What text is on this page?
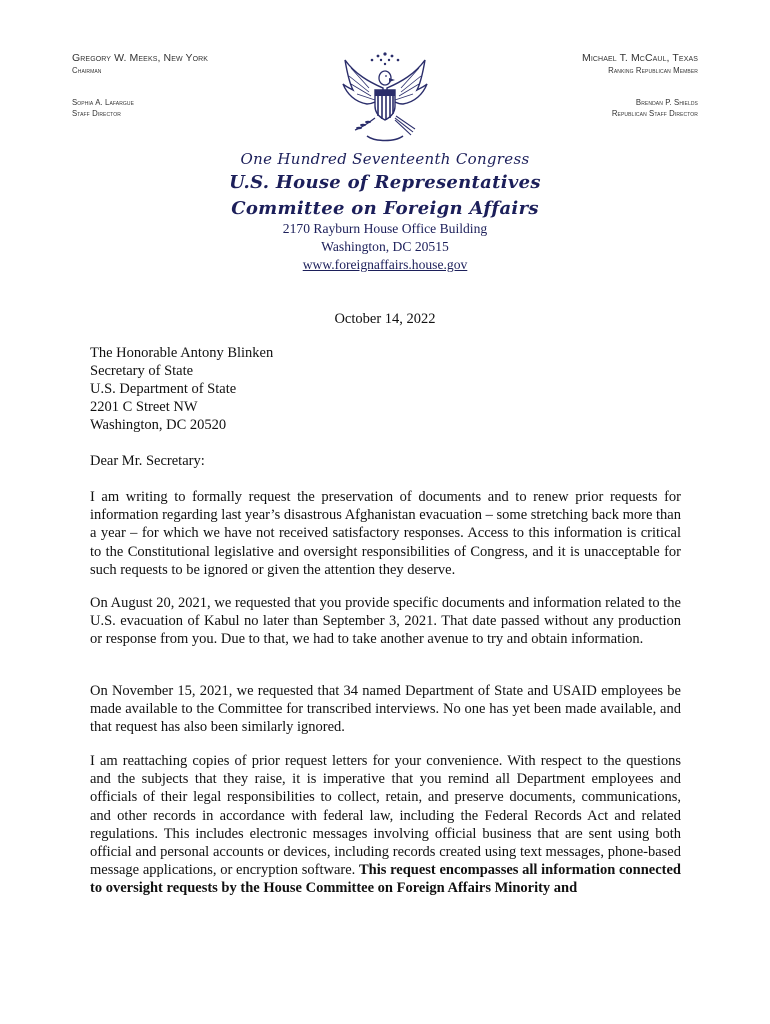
Gregory W. Meeks, New York
Chairman
Sophia A. Lafargue
Staff Director
Michael T. McCaul, Texas
Ranking Republican Member
Brendan P. Shields
Republican Staff Director
One Hundred Seventeenth Congress
U.S. House of Representatives
Committee on Foreign Affairs
2170 Rayburn House Office Building
Washington, DC 20515
www.foreignaffairs.house.gov
October 14, 2022
The Honorable Antony Blinken
Secretary of State
U.S. Department of State
2201 C Street NW
Washington, DC 20520
Dear Mr. Secretary:

I am writing to formally request the preservation of documents and to renew prior requests for information regarding last year’s disastrous Afghanistan evacuation – some stretching back more than a year – for which we have not received satisfactory responses. Access to this information is critical to the Constitutional legislative and oversight responsibilities of Congress, and it is unacceptable for such requests to be ignored or given the attention they deserve.

On August 20, 2021, we requested that you provide specific documents and information related to the U.S. evacuation of Kabul no later than September 3, 2021. That date passed without any production or response from you. Due to that, we had to take another avenue to try and obtain information.

On November 15, 2021, we requested that 34 named Department of State and USAID employees be made available to the Committee for transcribed interviews. No one has yet been made available, and that request has also been similarly ignored.

I am reattaching copies of prior request letters for your convenience. With respect to the questions and the subjects that they raise, it is imperative that you remind all Department employees and officials of their legal responsibilities to collect, retain, and preserve documents, communications, and other records in accordance with federal law, including the Federal Records Act and related regulations. This includes electronic messages involving official business that are sent using both official and personal accounts or devices, including records created using text messages, phone-based message applications, or encryption software. This request encompasses all information connected to oversight requests by the House Committee on Foreign Affairs Minority and
